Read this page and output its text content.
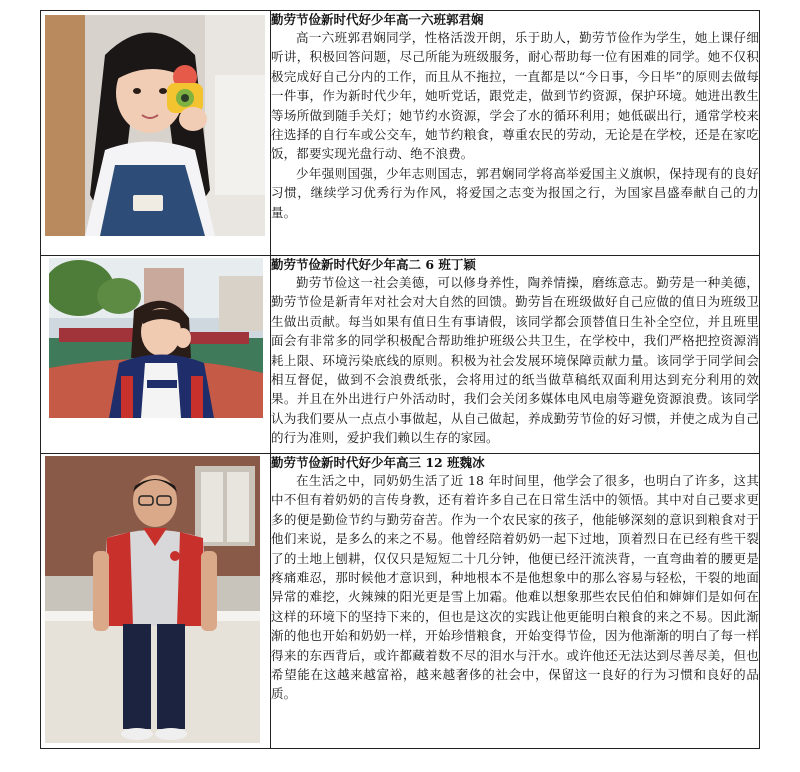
勤劳节俭新时代好少年高一六班郭君娴

高一六班郭君娴同学，性格活泼开朗，乐于助人，勤劳节俭作为学生，她上课仔细听讲，积极回答问题，尽己所能为班级服务，耐心帮助每一位有困难的同学。她不仅积极完成好自己分内的工作，而且从不拖拉，一直都是以“今日事，今日毕”的原则去做每一件事，作为新时代少年，她听党话，跟党走，做到节约资源，保护环境。她进出教生等场所做到随手关灯；她节约水资源，学会了水的循环利用；她低碳出行，通常学校来往选择的自行车或公交车，她节约粮食，尊重农民的劳动，无论是在学校，还是在家吃饭，都要实现光盘行动、绝不浪费。

少年强则国强，少年志则国志，郭君娴同学将高举爱国主义旗帜，保持现有的良好习惯，继续学习优秀行为作风，将爱国之志变为报国之行，为国家昌盛奉献自己的力量。

勤劳节俭新时代好少年高二 6 班丁颖

勤劳节俭这一社会美德，可以修身养性，陶养情操，磨练意志。勤劳是一种美德，勤劳节俭是新青年对社会对大自然的回馈。勤劳旨在班级做好自己应做的值日为班级卫生做出贡献。每当如果有值日生有事请假，该同学都会顶替值日生补全空位，并且班里面会有非常多的同学积极配合帮助维护班级公共卫生，在学校中，我们严格把控资源消耗上限、环境污染底线的原则。积极为社会发展环境保障贡献力量。该同学于同学间会相互督促，做到不会浪费纸张，会将用过的纸当做草稿纸双面利用达到充分利用的效果。并且在外出进行户外活动时，我们会关闭多媒体电风电扇等避免资源浪费。该同学认为我们要从一点点小事做起，从自己做起，养成勤劳节俭的好习惯，并使之成为自己的行为准则，爱护我们赖以生存的家园。

勤劳节俭新时代好少年高三 12 班魏冰

在生活之中，同奶奶生活了近 18 年时间里，他学会了很多，也明白了许多，这其中不但有着奶奶的言传身教，还有着许多自己在日常生活中的领悟。其中对自己要求更多的便是勤俭节约与勤劳奋苦。作为一个农民家的孩子，他能够深刻的意识到粮食对于他们来说，是多么的来之不易。他曾经陪着奶奶一起下过地，顶着烈日在已经有些干裂了的土地上刨耕，仅仅只是短短二十几分钟，他便已经汗流浃背，一直弯曲着的腰更是疼痛难忍，那时候他才意识到，种地根本不是他想象中的那么容易与轻松，干裂的地面异常的难挖，火辣辣的阳光更是雪上加霜。他难以想象那些农民伯伯和婶婶们是如何在这样的环境下的坚持下来的，但也是这次的实践让他更能明白粮食的来之不易。因此渐渐的他也开始和奶奶一样，开始珍惜粮食，开始变得节俭，因为他渐渐的明白了每一样得来的东西背后，或许都藏着数不尽的泪水与汗水。或许他还无法达到尽善尽美，但也希望能在这越来越富裕，越来越奢侈的社会中，保留这一良好的行为习惯和良好的品质。
